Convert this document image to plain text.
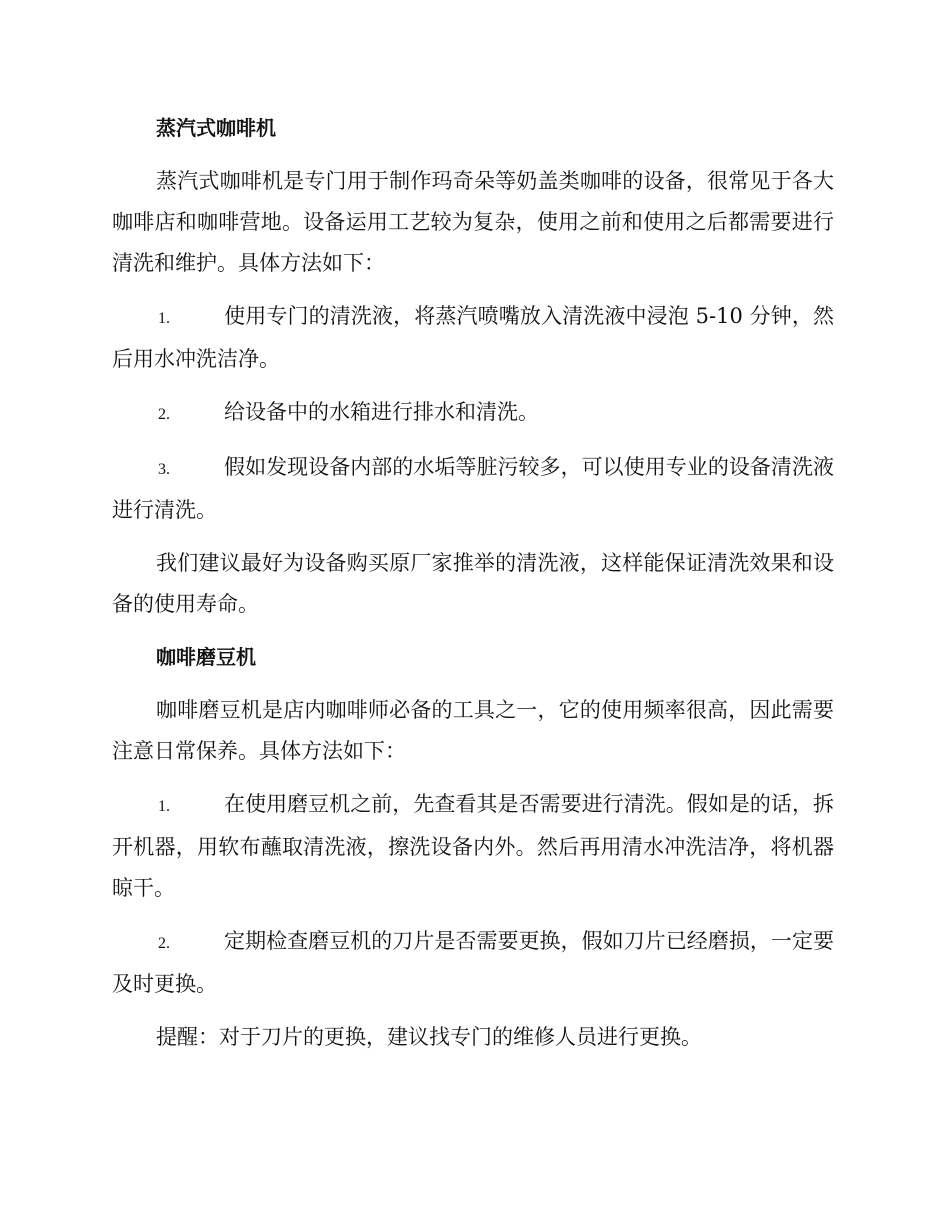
蒸汽式咖啡机

蒸汽式咖啡机是专门用于制作玛奇朵等奶盖类咖啡的设备，很常见于各大咖啡店和咖啡营地。设备运用工艺较为复杂，使用之前和使用之后都需要进行清洗和维护。具体方法如下：

1.	使用专门的清洗液，将蒸汽喷嘴放入清洗液中浸泡 5-10 分钟，然后用水冲洗洁净。

2.	给设备中的水箱进行排水和清洗。

3.	假如发现设备内部的水垢等脏污较多，可以使用专业的设备清洗液进行清洗。

我们建议最好为设备购买原厂家推举的清洗液，这样能保证清洗效果和设备的使用寿命。

咖啡磨豆机

咖啡磨豆机是店内咖啡师必备的工具之一，它的使用频率很高，因此需要注意日常保养。具体方法如下：

1.	在使用磨豆机之前，先查看其是否需要进行清洗。假如是的话，拆开机器，用软布蘸取清洗液，擦洗设备内外。然后再用清水冲洗洁净，将机器晾干。

2.	定期检查磨豆机的刀片是否需要更换，假如刀片已经磨损，一定要及时更换。

提醒：对于刀片的更换，建议找专门的维修人员进行更换。
